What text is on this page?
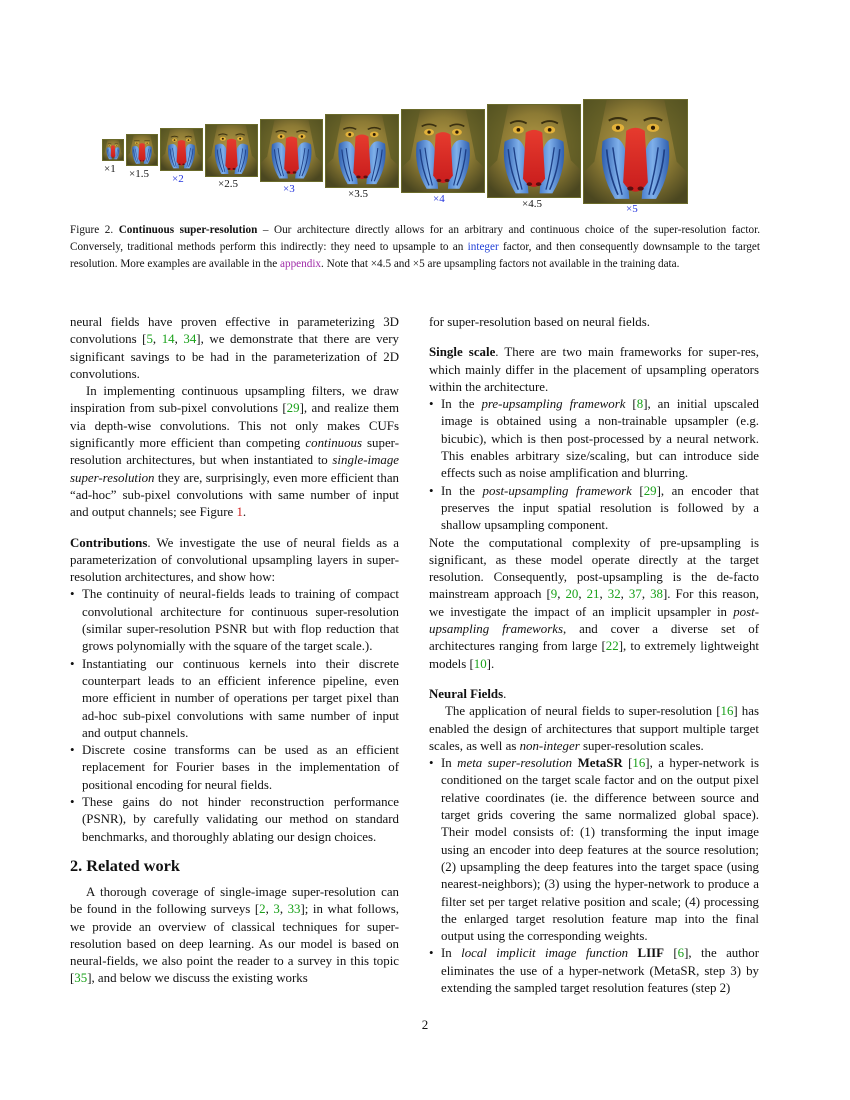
×1 ×1.5 ×2	×2.5	×3	×3.5	×4	×4.5	×5
Figure 2. Continuous super-resolution – Our architecture directly allows for an arbitrary and continuous choice of the super-resolution factor. Conversely, traditional methods perform this indirectly: they need to upsample to an integer factor, and then consequently downsample to the target resolution. More examples are available in the appendix. Note that ×4.5 and ×5 are upsampling factors not available in the training data.

neural fields have proven effective in parameterizing 3D convolutions [5, 14, 34], we demonstrate that there are very significant savings to be had in the parameterization of 2D convolutions.

In implementing continuous upsampling filters, we draw inspiration from sub-pixel convolutions [29], and realize them via depth-wise convolutions. This not only makes CUFs significantly more efficient than competing continuous super-resolution architectures, but when instantiated to single-image super-resolution they are, surprisingly, even more efficient than “ad-hoc” sub-pixel convolutions with same number of input and output channels; see Figure 1.

Contributions. We investigate the use of neural fields as a parameterization of convolutional upsampling layers in super-resolution architectures, and show how:

• The continuity of neural-fields leads to training of compact convolutional architecture for continuous super-resolution (similar super-resolution PSNR but with flop reduction that grows polynomially with the square of the target scale.).
• Instantiating our continuous kernels into their discrete counterpart leads to an efficient inference pipeline, even more efficient in number of operations per target pixel than ad-hoc sub-pixel convolutions with same number of input and output channels.
• Discrete cosine transforms can be used as an efficient replacement for Fourier bases in the implementation of positional encoding for neural fields.
• These gains do not hinder reconstruction performance (PSNR), by carefully validating our method on standard benchmarks, and thoroughly ablating our design choices.
2. Related work

A thorough coverage of single-image super-resolution can be found in the following surveys [2, 3, 33]; in what follows, we provide an overview of classical techniques for super-resolution based on deep learning. As our model is based on neural-fields, we also point the reader to a survey in this topic [35], and below we discuss the existing works

for super-resolution based on neural fields.

Single scale. There are two main frameworks for super-res, which mainly differ in the placement of upsampling operators within the architecture.

• In the pre-upsampling framework [8], an initial upscaled image is obtained using a non-trainable upsampler (e.g. bicubic), which is then post-processed by a neural network. This enables arbitrary size/scaling, but can introduce side effects such as noise amplification and blurring.
• In the post-upsampling framework [29], an encoder that preserves the input spatial resolution is followed by a shallow upsampling component.

Note the computational complexity of pre-upsampling is significant, as these model operate directly at the target resolution. Consequently, post-upsampling is the de-facto mainstream approach [9, 20, 21, 32, 37, 38]. For this reason, we investigate the impact of an implicit upsampler in post-upsampling frameworks, and cover a diverse set of architectures ranging from large [22], to extremely lightweight models [10].

Neural Fields.

The application of neural fields to super-resolution [16] has enabled the design of architectures that support multiple target scales, as well as non-integer super-resolution scales.

• In meta super-resolution MetaSR [16], a hyper-network is conditioned on the target scale factor and on the output pixel relative coordinates (ie. the difference between source and target grids covering the same normalized global space). Their model consists of: (1) transforming the input image using an encoder into deep features at the source resolution; (2) upsampling the deep features into the target space (using nearest-neighbors); (3) using the hyper-network to produce a filter set per target relative position and scale; (4) processing the enlarged target resolution feature map into the final output using the corresponding weights.
• In local implicit image function LIIF [6], the author eliminates the use of a hyper-network (MetaSR, step 3) by extending the sampled target resolution features (step 2)
2
